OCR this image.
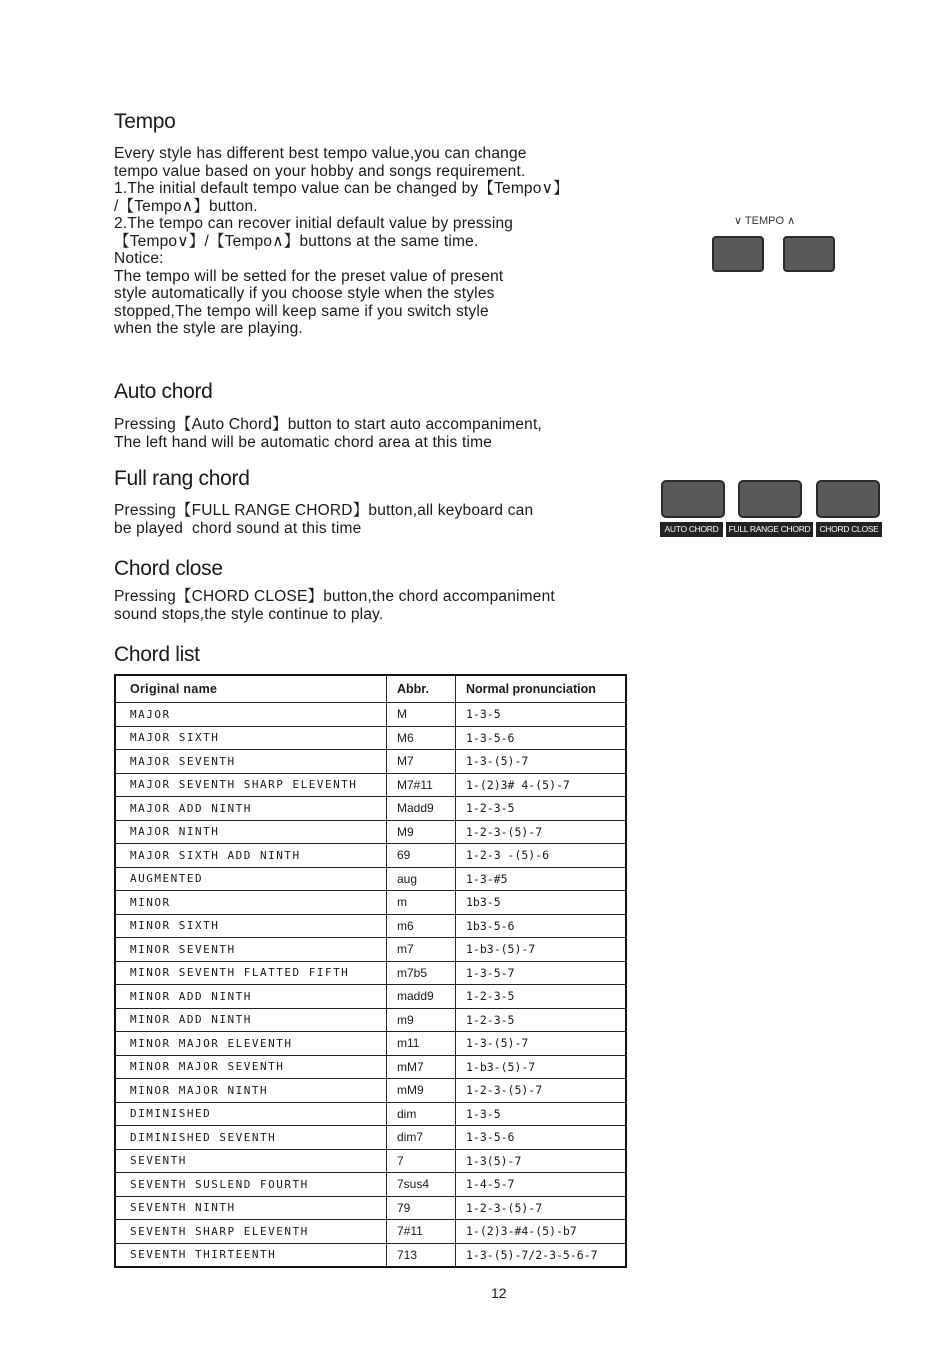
Tempo
Every style has different best tempo value,you can change
tempo value based on your hobby and songs requirement.
1.The initial default tempo value can be changed by【Tempo∨】
/【Tempo∧】button.
2.The tempo can recover initial default value by pressing
【Tempo∨】/【Tempo∧】buttons at the same time.
Notice:
The tempo will be setted for the preset value of present
style automatically if you choose style when the styles
stopped,The tempo will keep same if you switch style
when the style are playing.
∨ TEMPO ∧
Auto chord
Pressing【Auto Chord】button to start auto accompaniment,
The left hand will be automatic chord area at this time
Full rang chord
Pressing【FULL RANGE CHORD】button,all keyboard can
be played  chord sound at this time	AUTO CHORD	FULL RANGE CHORD	CHORD CLOSE
Chord close
Pressing【CHORD CLOSE】button,the chord accompaniment
sound stops,the style continue to play.
Chord list
Original name	Abbr.	Normal pronunciation
MAJOR	M	1-3-5
MAJOR SIXTH	M6	1-3-5-6
MAJOR SEVENTH	M7	1-3-(5)-7
MAJOR SEVENTH SHARP ELEVENTH	M7#11	1-(2)3# 4-(5)-7
MAJOR ADD NINTH	Madd9	1-2-3-5
MAJOR NINTH	M9	1-2-3-(5)-7
MAJOR SIXTH ADD NINTH	69	1-2-3 -(5)-6
AUGMENTED	aug	1-3-#5
MINOR	m	1b3-5
MINOR SIXTH	m6	1b3-5-6
MINOR SEVENTH	m7	1-b3-(5)-7
MINOR SEVENTH FLATTED FIFTH	m7b5	1-3-5-7
MINOR ADD NINTH	madd9	1-2-3-5
MINOR ADD NINTH	m9	1-2-3-5
MINOR MAJOR ELEVENTH	m11	1-3-(5)-7
MINOR MAJOR SEVENTH	mM7	1-b3-(5)-7
MINOR MAJOR NINTH	mM9	1-2-3-(5)-7
DIMINISHED	dim	1-3-5
DIMINISHED SEVENTH	dim7	1-3-5-6
SEVENTH	7	1-3(5)-7
SEVENTH SUSLEND FOURTH	7sus4	1-4-5-7
SEVENTH NINTH	79	1-2-3-(5)-7
SEVENTH SHARP ELEVENTH	7#11	1-(2)3-#4-(5)-b7
SEVENTH THIRTEENTH	713	1-3-(5)-7/2-3-5-6-7
12
